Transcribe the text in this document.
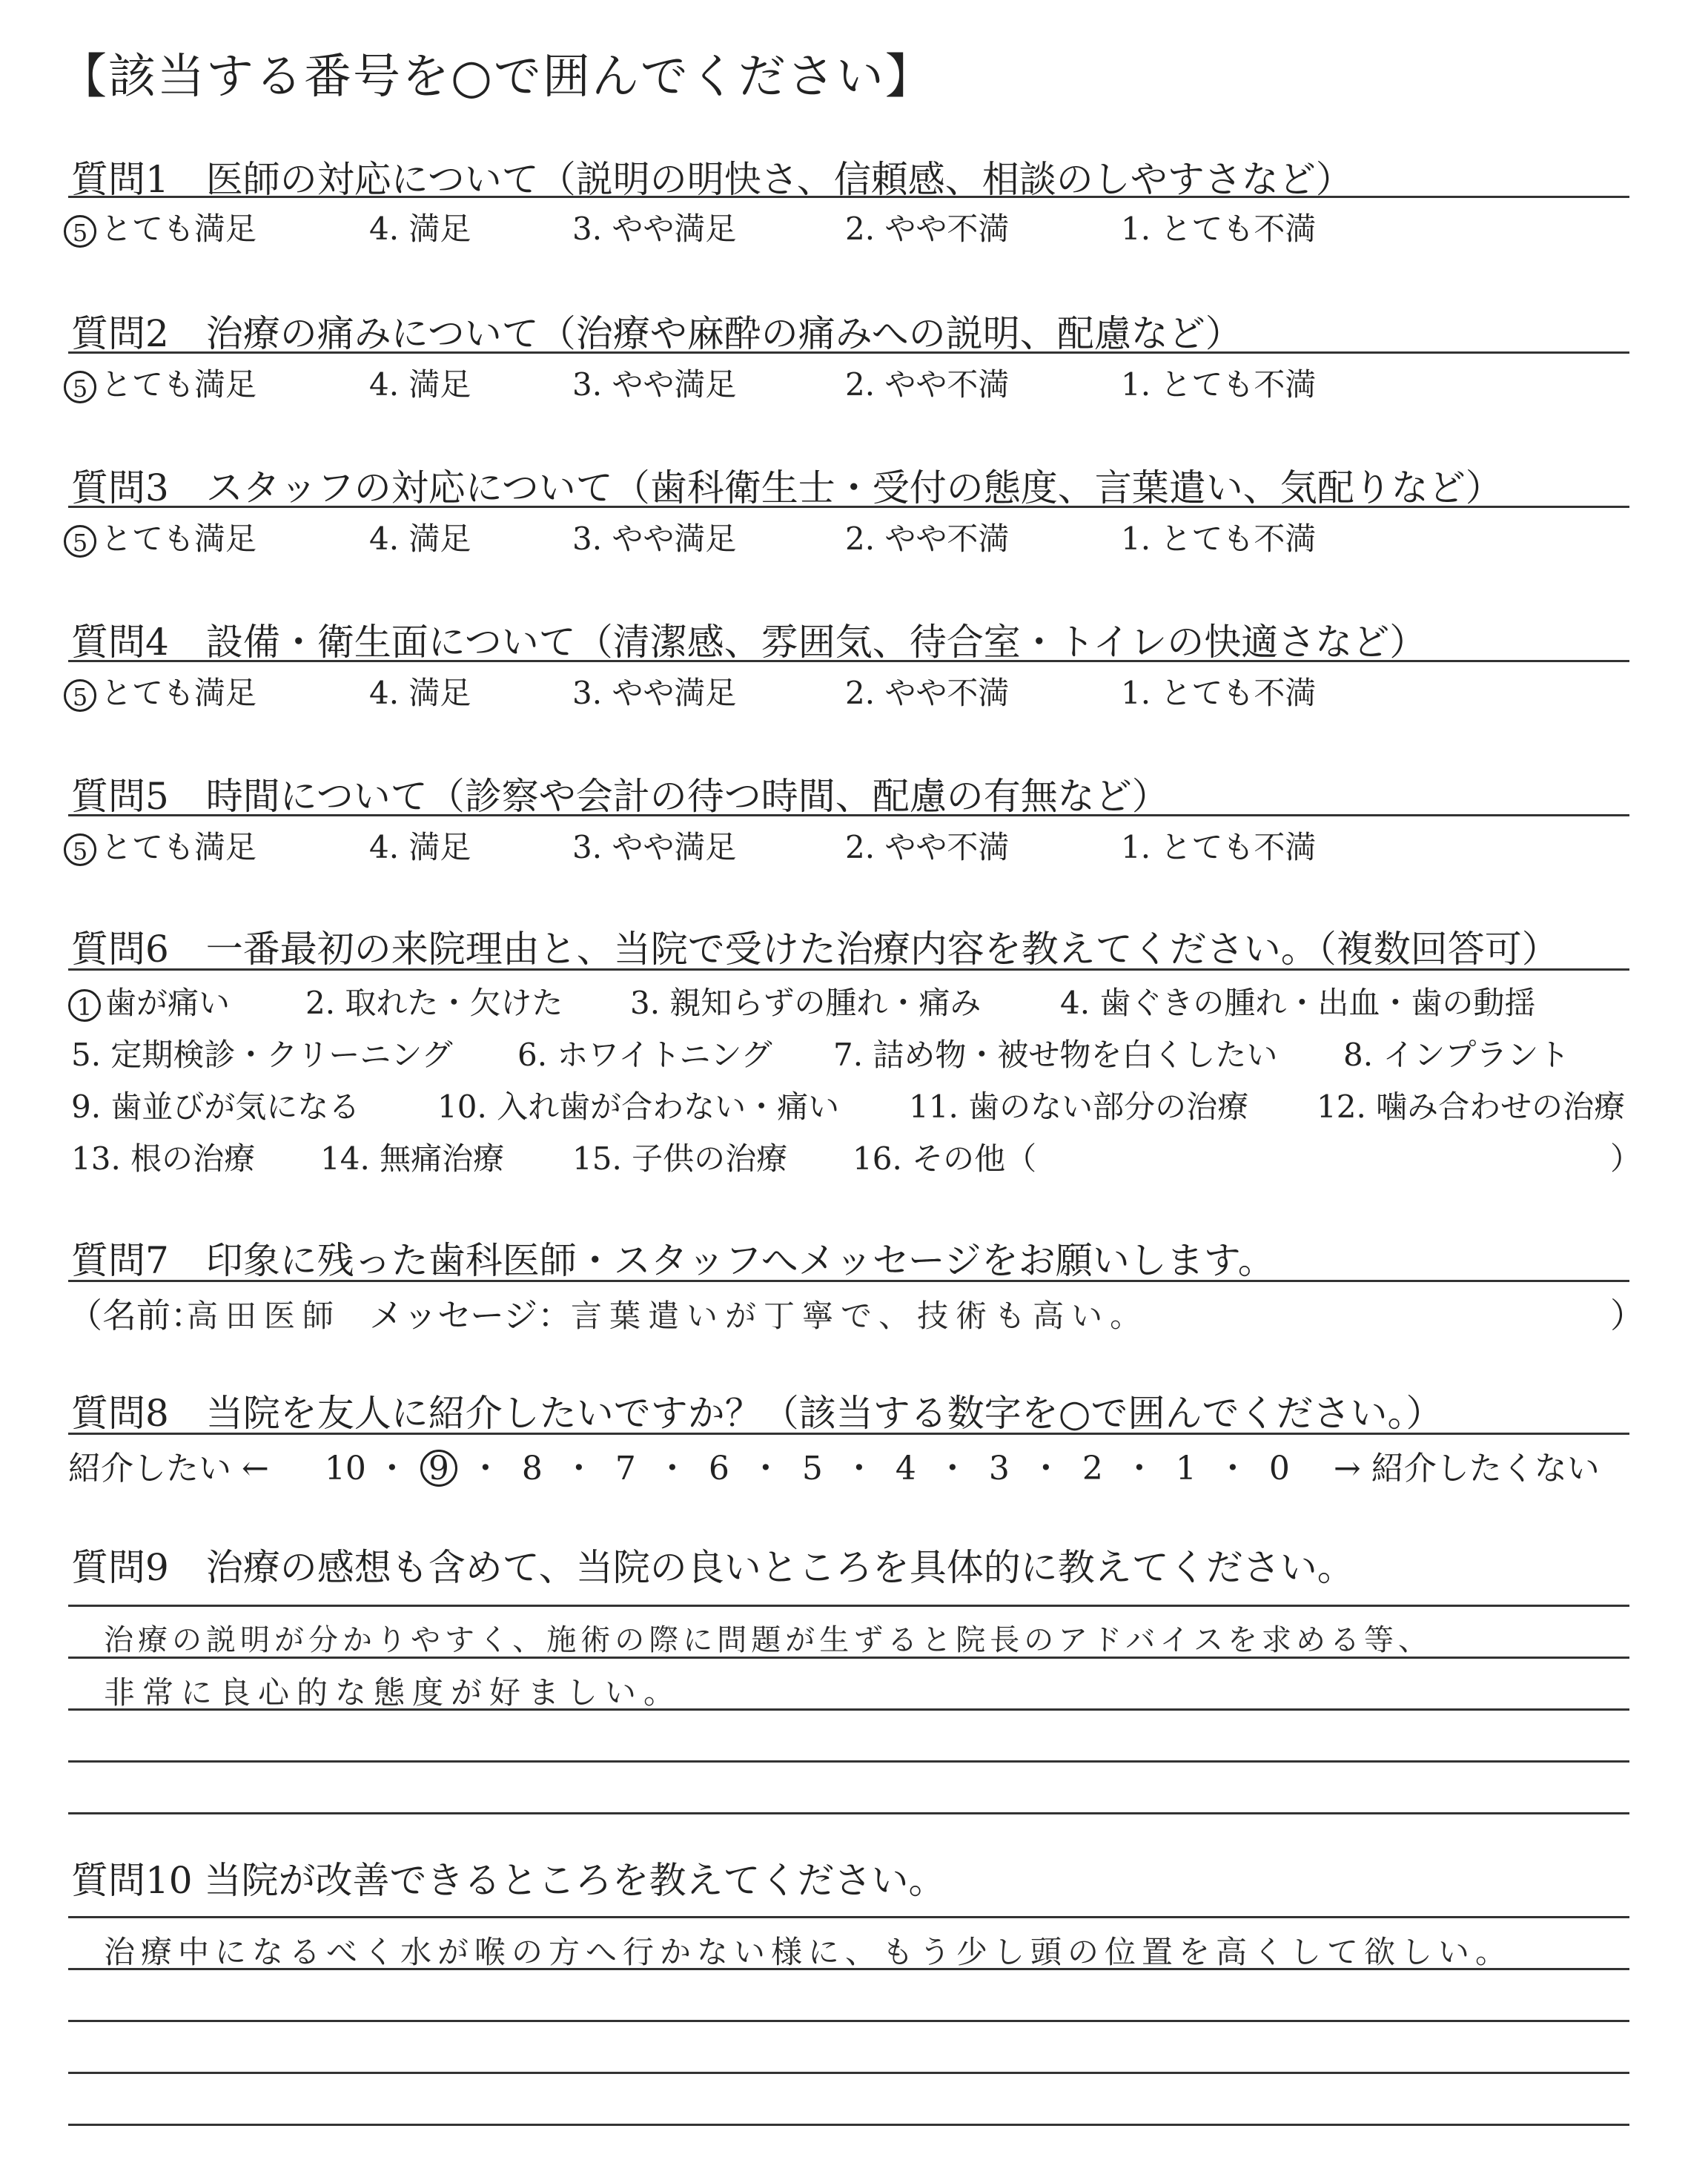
【該当する番号を○で囲んでください】
質問1　医師の対応について（説明の明快さ、信頼感、相談のしやすさなど）
5 とても満足	4. 満足	3. やや満足	2. やや不満	1. とても不満
質問2　治療の痛みについて（治療や麻酔の痛みへの説明、配慮など）
5 とても満足	4. 満足	3. やや満足	2. やや不満	1. とても不満
質問3　スタッフの対応について（歯科衛生士・受付の態度、言葉遣い、気配りなど）
5 とても満足	4. 満足	3. やや満足	2. やや不満	1. とても不満
質問4　設備・衛生面について（清潔感、雰囲気、待合室・トイレの快適さなど）
5 とても満足	4. 満足	3. やや満足	2. やや不満	1. とても不満
質問5　時間について（診察や会計の待つ時間、配慮の有無など）
5 とても満足	4. 満足	3. やや満足	2. やや不満	1. とても不満
質問6　一番最初の来院理由と、当院で受けた治療内容を教えてください。（複数回答可）
1 歯が痛い 2. 取れた・欠けた 3. 親知らずの腫れ・痛み	4. 歯ぐきの腫れ・出血・歯の動揺
5. 定期検診・クリーニング 6. ホワイトニング 7. 詰め物・被せ物を白くしたい 8. インプラント
9. 歯並びが気になる 10. 入れ歯が合わない・痛い 11. 歯のない部分の治療 12. 噛み合わせの治療
13. 根の治療 14. 無痛治療 15. 子供の治療 16. その他（	）
質問7　印象に残った歯科医師・スタッフへメッセージをお願いします。
（名前：
高田医師 メッセージ：
言葉遣いが丁寧で、技術も高い。	）
質問8　当院を友人に紹介したいですか？（該当する数字を○で囲んでください。）
紹介したい ← 10 ・ 9 ・ 8 ・ 7 ・ 6 ・ 5 ・ 4 ・ 3 ・ 2 ・ 1 ・ 0 → 紹介したくない
質問9　治療の感想も含めて、当院の良いところを具体的に教えてください。
治療の説明が分かりやすく、施術の際に問題が生ずると院長のアドバイスを求める等、
非常に良心的な態度が好ましい。
質問10 当院が改善できるところを教えてください。
治療中になるべく水が喉の方へ行かない様に、もう少し頭の位置を高くして欲しい。
